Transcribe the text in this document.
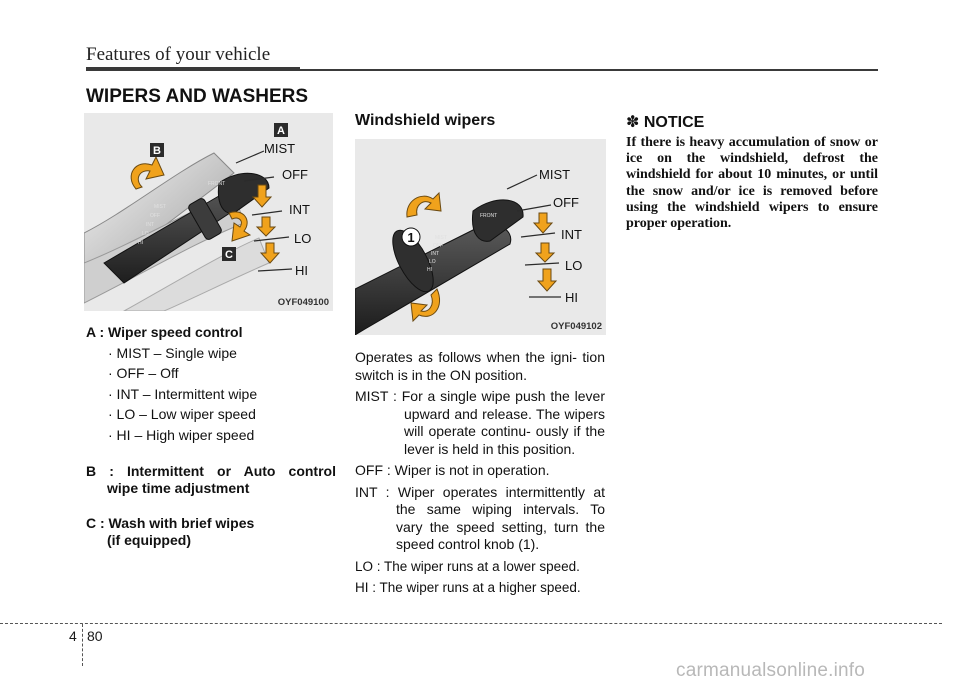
Features of your vehicle
WIPERS AND WASHERS
FRONT
MIST
OFF
INT
LO
HI
MIST
OFF
INT
LO
HI
A
B
C
OYF049100
A : Wiper speed control
· MIST – Single wipe
· OFF – Off
· INT – Intermittent wipe
· LO – Low wiper speed
· HI – High wiper speed
B : Intermittent or Auto control
wipe time adjustment
C : Wash with brief wipes
(if equipped)
Windshield wipers
FRONT
MIST
OFF
INT
LO
HI
1
MIST
OFF
INT
LO
HI
OYF049102

Operates as follows when the igni- tion switch is in the ON position.

MIST : For a single wipe push the lever upward and release. The wipers will operate continu- ously if the lever is held in this position.

OFF : Wiper is not in operation.

INT : Wiper operates intermittently at the same wiping intervals. To vary the speed setting, turn the speed control knob (1).

LO : The wiper runs at a lower speed.

HI : The wiper runs at a higher speed.

✽ NOTICE
If there is heavy accumulation of snow or ice on the windshield, defrost the windshield for about 10 minutes, or until the snow and/or ice is removed before using the windshield wipers to ensure proper operation.
4 80
carmanualsonline.info
